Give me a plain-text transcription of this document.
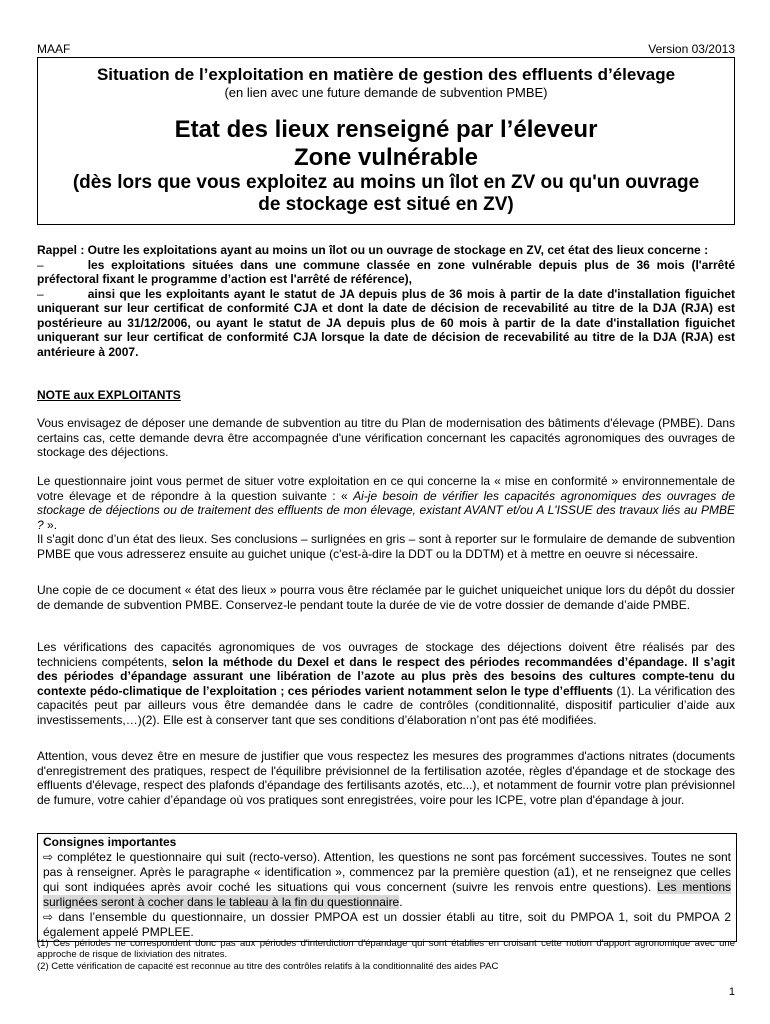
MAAF	Version 03/2013
Situation de l’exploitation en matière de gestion des effluents d’élevage
(en lien avec une future demande de subvention PMBE)
Etat des lieux renseigné par l’éleveur
Zone vulnérable
(dès lors que vous exploitez au moins un îlot en ZV ou qu'un ouvrage de stockage est situé en ZV)
Rappel : Outre les exploitations ayant au moins un îlot ou un ouvrage de stockage en ZV, cet état des lieux concerne :
–	les exploitations situées dans une commune classée en zone vulnérable depuis plus de 36 mois (l'arrêté préfectoral fixant le programme d’action est l'arrêté de référence),
–	ainsi que les exploitants ayant le statut de JA depuis plus de 36 mois à partir de la date d'installation figuichet uniquerant sur leur certificat de conformité CJA et dont la date de décision de recevabilité au titre de la DJA (RJA) est postérieure au 31/12/2006, ou ayant le statut de JA depuis plus de 60 mois à partir de la date d'installation figuichet uniquerant sur leur certificat de conformité CJA lorsque la date de décision de recevabilité au titre de la DJA (RJA) est antérieure à 2007.
NOTE aux EXPLOITANTS
Vous envisagez de déposer une demande de subvention au titre du Plan de modernisation des bâtiments d'élevage (PMBE). Dans certains cas, cette demande devra être accompagnée d'une vérification concernant les capacités agronomiques des ouvrages de stockage des déjections.
Le questionnaire joint vous permet de situer votre exploitation en ce qui concerne la « mise en conformité » environnementale de votre élevage et de répondre à la question suivante : « Ai-je besoin de vérifier les capacités agronomiques des ouvrages de stockage de déjections ou de traitement des effluents de mon élevage, existant AVANT et/ou A L'ISSUE des travaux liés au PMBE ? ».
Il s'agit donc d’un état des lieux. Ses conclusions – surlignées en gris – sont à reporter sur le formulaire de demande de subvention PMBE que vous adresserez ensuite au guichet unique (c'est-à-dire la DDT ou la DDTM) et à mettre en oeuvre si nécessaire.
Une copie de ce document « état des lieux » pourra vous être réclamée par le guichet uniqueichet unique lors du dépôt du dossier de demande de subvention PMBE. Conservez-le pendant toute la durée de vie de votre dossier de demande d’aide PMBE.
Les vérifications des capacités agronomiques de vos ouvrages de stockage des déjections doivent être réalisés par des techniciens compétents, selon la méthode du Dexel et dans le respect des périodes recommandées d’épandage. Il s’agit des périodes d’épandage assurant une libération de l’azote au plus près des besoins des cultures compte-tenu du contexte pédo-climatique de l’exploitation ; ces périodes varient notamment selon le type d’effluents (1). La vérification des capacités peut par ailleurs vous être demandée dans le cadre de contrôles (conditionnalité, dispositif particulier d’aide aux investissements,…)(2). Elle est à conserver tant que ses conditions d’élaboration n’ont pas été modifiées.
Attention, vous devez être en mesure de justifier que vous respectez les mesures des programmes d'actions nitrates (documents d'enregistrement des pratiques, respect de l'équilibre prévisionnel de la fertilisation azotée, règles d'épandage et de stockage des effluents d'élevage, respect des plafonds d'épandage des fertilisants azotés, etc...), et notamment de fournir votre plan prévisionnel de fumure, votre cahier d’épandage où vos pratiques sont enregistrées, voire pour les ICPE, votre plan d'épandage à jour.
Consignes importantes
⇨ complétez le questionnaire qui suit (recto-verso). Attention, les questions ne sont pas forcément successives. Toutes ne sont pas à renseigner. Après le paragraphe « identification », commencez par la première question (a1), et ne renseignez que celles qui sont indiquées après avoir coché les situations qui vous concernent (suivre les renvois entre questions). Les mentions surlignées seront à cocher dans le tableau à la fin du questionnaire.
⇨ dans l’ensemble du questionnaire, un dossier PMPOA est un dossier établi au titre, soit du PMPOA 1, soit du PMPOA 2 également appelé PMPLEE.
(1) Ces périodes ne correspondent donc pas aux périodes d'interdiction d'épandage qui sont établies en croisant cette notion d'apport agronomique avec une approche de risque de lixiviation des nitrates.
(2) Cette vérification de capacité est reconnue au titre des contrôles relatifs à la conditionnalité des aides PAC
1
